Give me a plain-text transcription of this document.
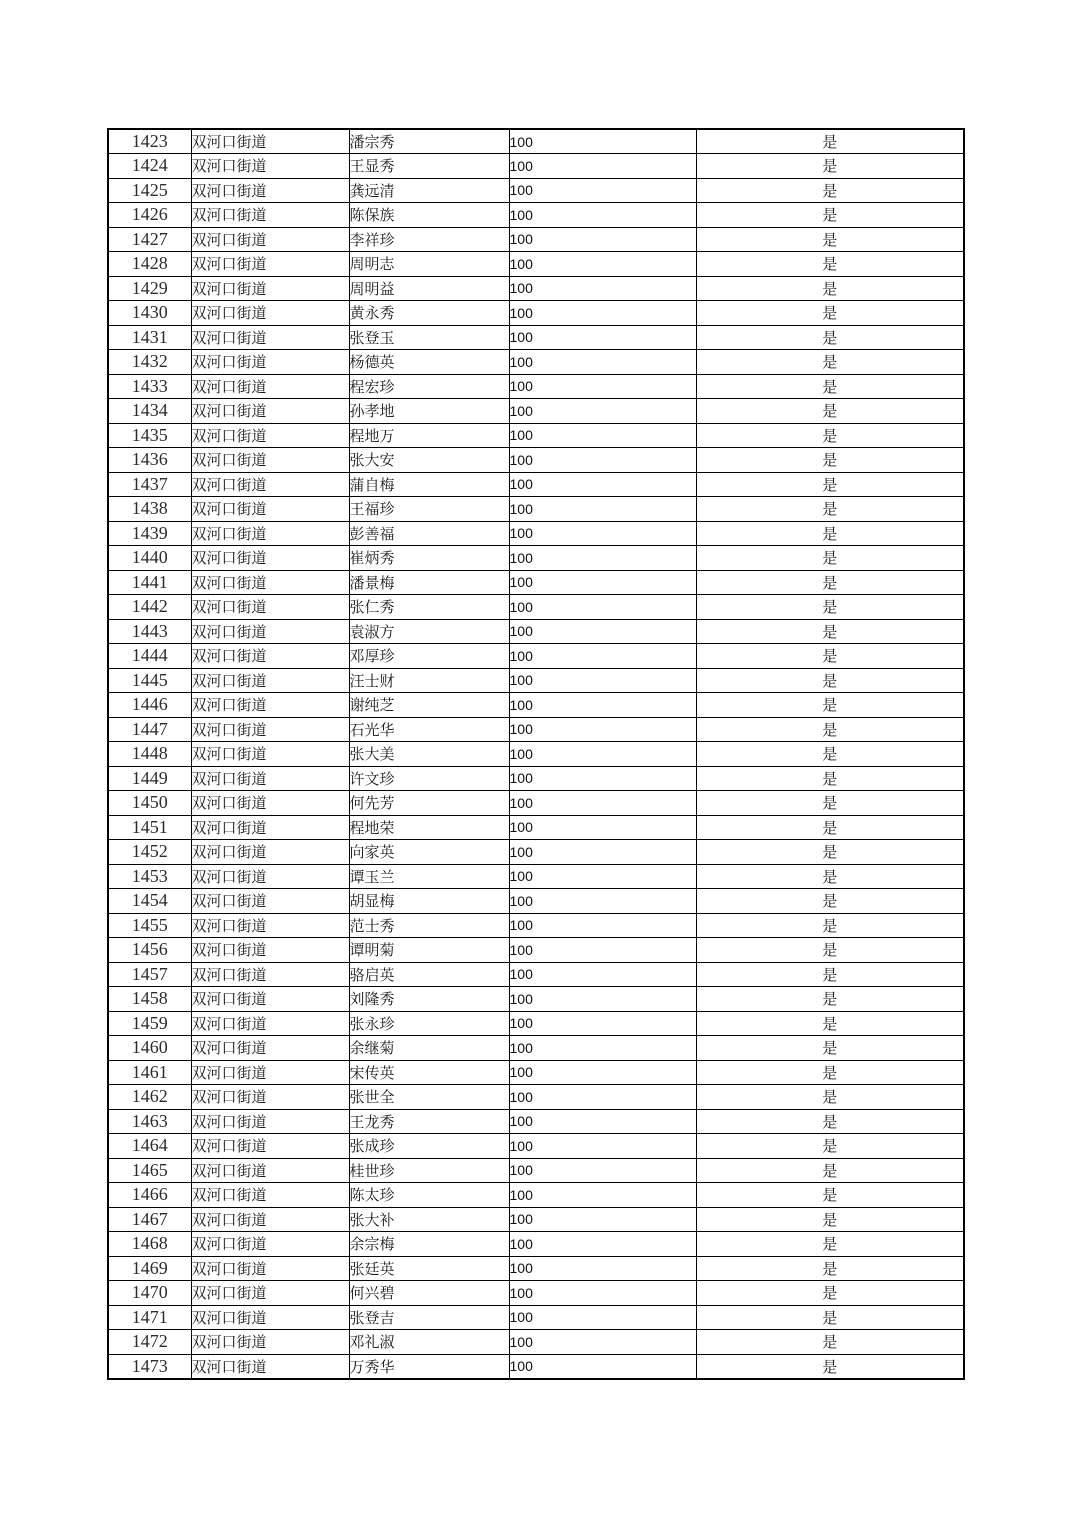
1423	双河口街道	潘宗秀	100	是
1424	双河口街道	王显秀	100	是
1425	双河口街道	龚远清	100	是
1426	双河口街道	陈保族	100	是
1427	双河口街道	李祥珍	100	是
1428	双河口街道	周明志	100	是
1429	双河口街道	周明益	100	是
1430	双河口街道	黄永秀	100	是
1431	双河口街道	张登玉	100	是
1432	双河口街道	杨德英	100	是
1433	双河口街道	程宏珍	100	是
1434	双河口街道	孙孝地	100	是
1435	双河口街道	程地万	100	是
1436	双河口街道	张大安	100	是
1437	双河口街道	蒲自梅	100	是
1438	双河口街道	王福珍	100	是
1439	双河口街道	彭善福	100	是
1440	双河口街道	崔炳秀	100	是
1441	双河口街道	潘景梅	100	是
1442	双河口街道	张仁秀	100	是
1443	双河口街道	袁淑方	100	是
1444	双河口街道	邓厚珍	100	是
1445	双河口街道	汪士财	100	是
1446	双河口街道	谢纯芝	100	是
1447	双河口街道	石光华	100	是
1448	双河口街道	张大美	100	是
1449	双河口街道	许文珍	100	是
1450	双河口街道	何先芳	100	是
1451	双河口街道	程地荣	100	是
1452	双河口街道	向家英	100	是
1453	双河口街道	谭玉兰	100	是
1454	双河口街道	胡显梅	100	是
1455	双河口街道	范士秀	100	是
1456	双河口街道	谭明菊	100	是
1457	双河口街道	骆启英	100	是
1458	双河口街道	刘隆秀	100	是
1459	双河口街道	张永珍	100	是
1460	双河口街道	余继菊	100	是
1461	双河口街道	宋传英	100	是
1462	双河口街道	张世全	100	是
1463	双河口街道	王龙秀	100	是
1464	双河口街道	张成珍	100	是
1465	双河口街道	桂世珍	100	是
1466	双河口街道	陈太珍	100	是
1467	双河口街道	张大补	100	是
1468	双河口街道	余宗梅	100	是
1469	双河口街道	张廷英	100	是
1470	双河口街道	何兴碧	100	是
1471	双河口街道	张登吉	100	是
1472	双河口街道	邓礼淑	100	是
1473	双河口街道	万秀华	100	是
